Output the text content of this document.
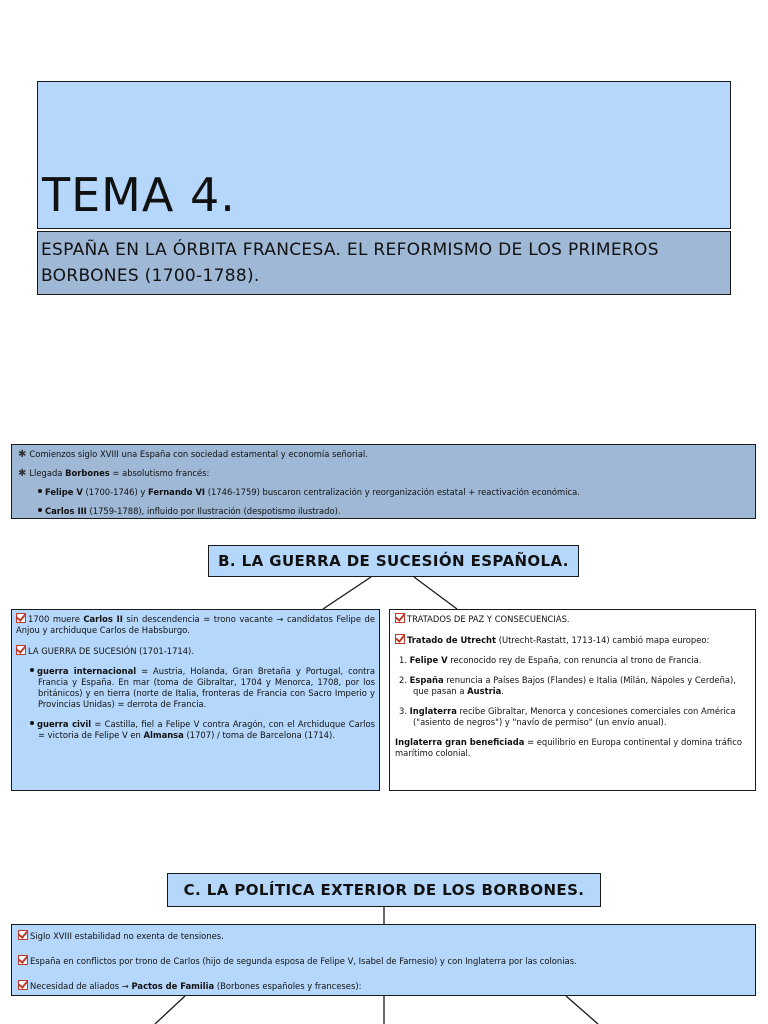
TEMA 4.
ESPAÑA EN LA ÓRBITA FRANCESA. EL REFORMISMO DE LOS PRIMEROS BORBONES (1700-1788).

✱ Comienzos siglo XVIII una España con sociedad estamental y economía señorial.

✱ Llegada Borbones = absolutismo francés:

Felipe V (1700-1746) y Fernando VI (1746-1759) buscaron centralización y reorganización estatal + reactivación económica.

Carlos III (1759-1788), influido por Ilustración (despotismo ilustrado).

B. LA GUERRA DE SUCESIÓN ESPAÑOLA.

1700 muere Carlos II sin descendencia = trono vacante → candidatos Felipe de Anjou y archiduque Carlos de Habsburgo.

LA GUERRA DE SUCESIÓN (1701-1714).

guerra internacional = Austria, Holanda, Gran Bretaña y Portugal, contra Francia y España. En mar (toma de Gibraltar, 1704 y Menorca, 1708, por los británicos) y en tierra (norte de Italia, fronteras de Francia con Sacro Imperio y Provincias Unidas) = derrota de Francia.

guerra civil = Castilla, fiel a Felipe V contra Aragón, con el Archiduque Carlos = victoria de Felipe V en Almansa (1707) / toma de Barcelona (1714).

TRATADOS DE PAZ Y CONSECUENCIAS.

Tratado de Utrecht (Utrecht-Rastatt, 1713-14) cambió mapa europeo:

1. Felipe V reconocido rey de España, con renuncia al trono de Francia.

2. España renuncia a Países Bajos (Flandes) e Italia (Milán, Nápoles y Cerdeña), que pasan a Austria.

3. Inglaterra recibe Gibraltar, Menorca y concesiones comerciales con América ("asiento de negros") y "navío de permiso" (un envío anual).

Inglaterra gran beneficiada = equilibrio en Europa continental y domina tráfico marítimo colonial.

C. LA POLÍTICA EXTERIOR DE LOS BORBONES.

Siglo XVIII estabilidad no exenta de tensiones.

España en conflictos por trono de Carlos (hijo de segunda esposa de Felipe V, Isabel de Farnesio) y con Inglaterra por las colonias.

Necesidad de aliados → Pactos de Familia (Borbones españoles y franceses):
